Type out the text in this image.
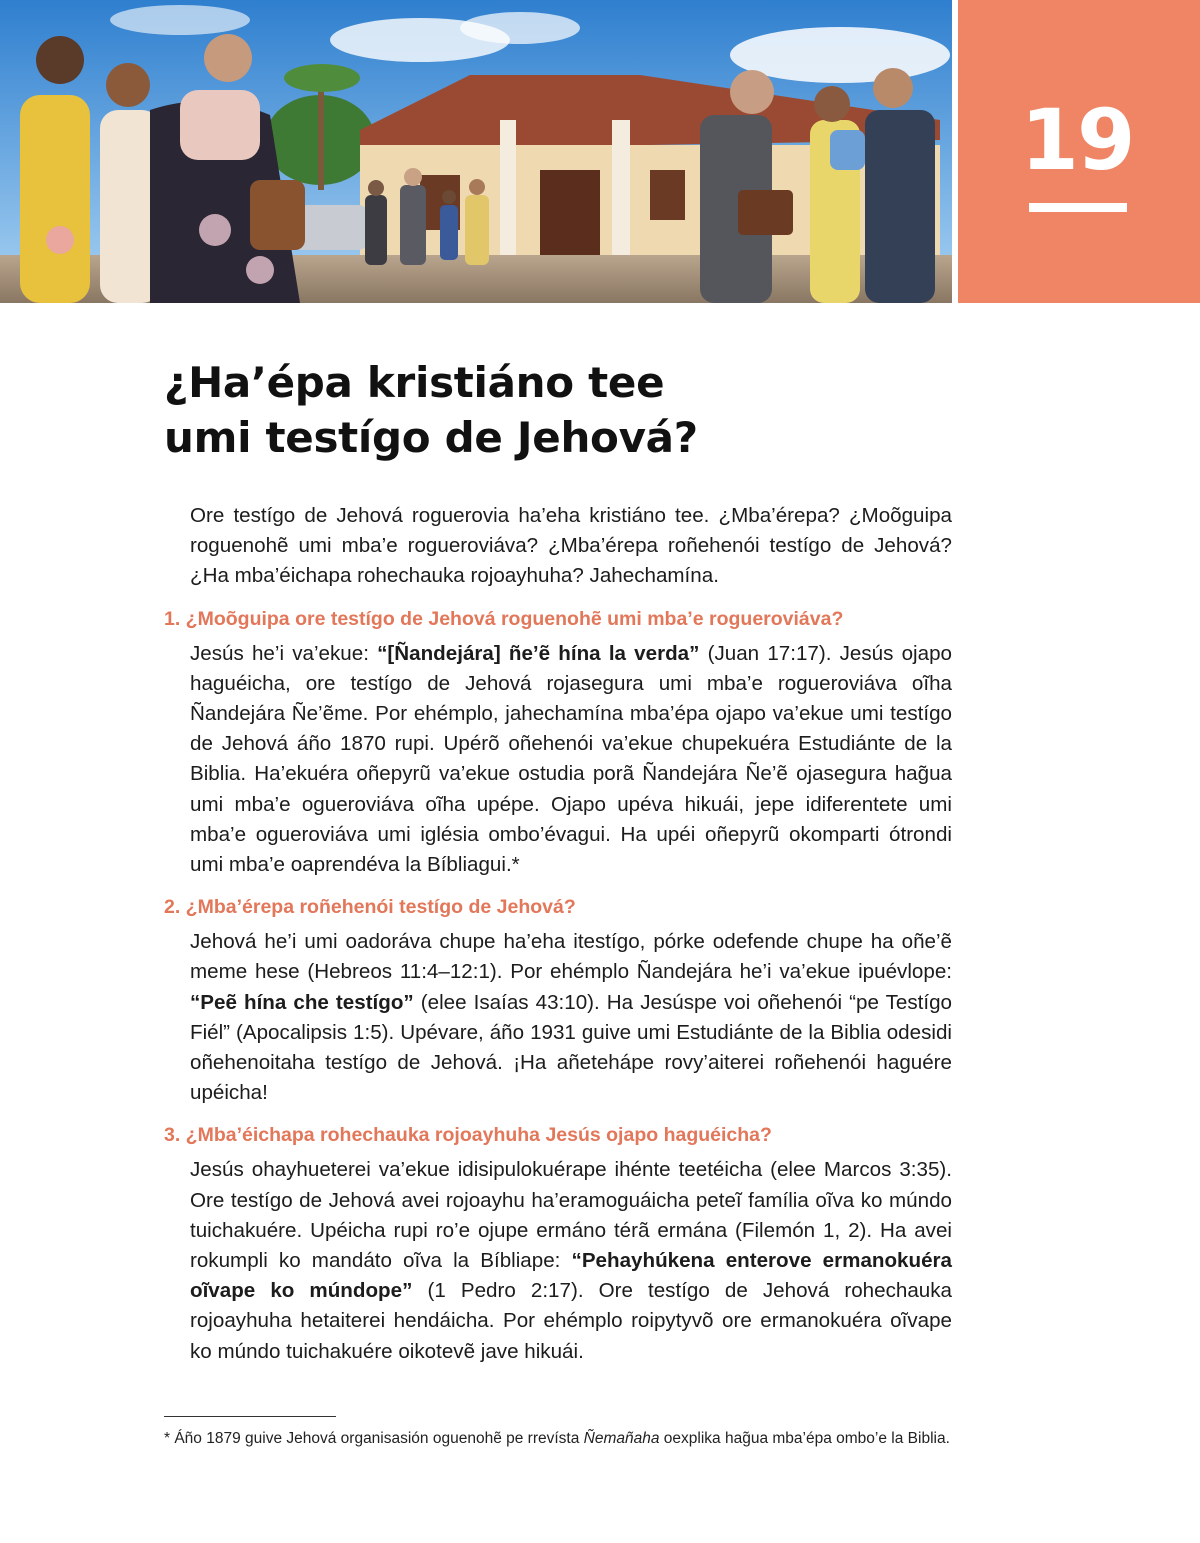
19
¿Ha’épa kristiáno tee
umi testígo de Jehová?

Ore testígo de Jehová roguerovia ha’eha kristiáno tee. ¿Mba’érepa? ¿Moõguipa roguenohẽ umi mba’e rogueroviáva? ¿Mba’érepa roñehenói testígo de Jehová? ¿Ha mba’éichapa rohechauka rojoayhuha? Jahechamína.

1. ¿Moõguipa ore testígo de Jehová roguenohẽ umi mba’e rogueroviáva?

Jesús he’i va’ekue: “[Ñandejára] ñe’ẽ hína la verda” (Juan 17:17). Jesús ojapo haguéicha, ore testígo de Jehová rojasegura umi mba’e rogueroviáva oĩha Ñandejára Ñe’ẽme. Por ehémplo, jahechamína mba’épa ojapo va’ekue umi testígo de Jehová áño 1870 rupi. Upérõ oñehenói va’ekue chupekuéra Estudiánte de la Biblia. Ha’ekuéra oñepyrũ va’ekue ostudia porã Ñandejára Ñe’ẽ ojasegura hag̃ua umi mba’e ogueroviáva oĩha upépe. Ojapo upéva hikuái, jepe idiferentete umi mba’e ogueroviáva umi iglésia ombo’évagui. Ha upéi oñepyrũ okomparti ótrondi umi mba’e oaprendéva la Bíbliagui.*

2. ¿Mba’érepa roñehenói testígo de Jehová?

Jehová he’i umi oadoráva chupe ha’eha itestígo, pórke odefende chupe ha oñe’ẽ meme hese (Hebreos 11:4–12:1). Por ehémplo Ñandejára he’i va’ekue ipuévlope: “Peẽ hína che testígo” (elee Isaías 43:10). Ha Jesúspe voi oñehenói “pe Testígo Fiél” (Apocalipsis 1:5). Upévare, áño 1931 guive umi Estudiánte de la Biblia odesidi oñehenoitaha testígo de Jehová. ¡Ha añetehápe rovy’aiterei roñehenói haguére upéicha!

3. ¿Mba’éichapa rohechauka rojoayhuha Jesús ojapo haguéicha?

Jesús ohayhueterei va’ekue idisipulokuérape ihénte teetéicha (elee Marcos 3:35). Ore testígo de Jehová avei rojoayhu ha’eramoguáicha peteĩ família oĩva ko múndo tuichakuére. Upéicha rupi ro’e ojupe ermáno térã ermána (Filemón 1, 2). Ha avei rokumpli ko mandáto oĩva la Bíbliape: “Pehayhúkena enterove ermanokuéra oĩvape ko múndope” (1 Pedro 2:17). Ore testígo de Jehová rohechauka rojoayhuha hetaiterei hendáicha. Por ehémplo roipytyvõ ore ermanokuéra oĩvape ko múndo tuichakuére oikotevẽ jave hikuái.

* Áño 1879 guive Jehová organisasión oguenohẽ pe rrevísta Ñemañaha oexplika hag̃ua mba’épa ombo’e la Biblia.
